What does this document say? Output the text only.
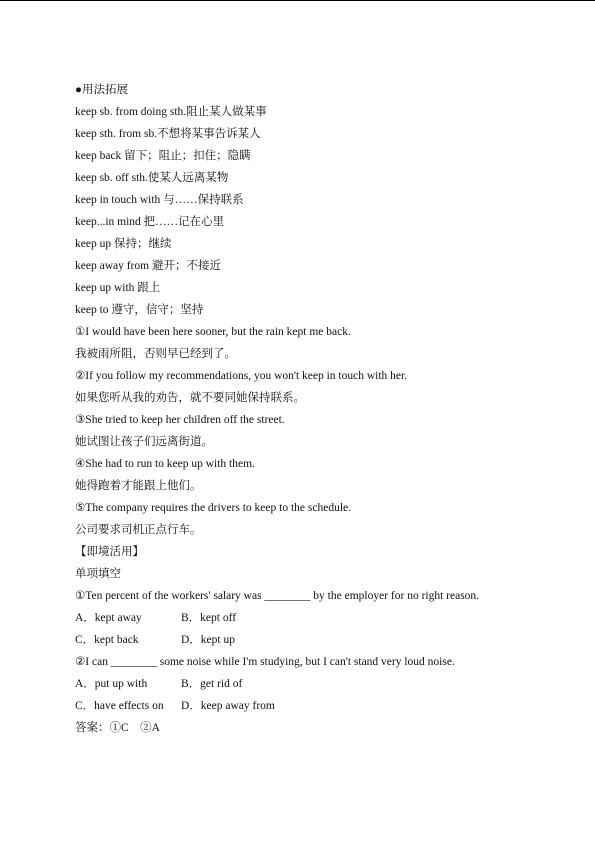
●用法拓展
keep sb. from doing sth.阻止某人做某事
keep sth. from sb.不想将某事告诉某人
keep back 留下；阻止；扣住；隐瞒
keep sb. off sth.使某人远离某物
keep in touch with 与……保持联系
keep...in mind 把……记在心里
keep up 保持；继续
keep away from 避开；不接近
keep up with 跟上
keep to 遵守，信守；坚持
①I would have been here sooner, but the rain kept me back.
我被雨所阻，否则早已经到了。
②If you follow my recommendations, you won't keep in touch with her.
如果您听从我的劝告，就不要同她保持联系。
③She tried to keep her children off the street.
她试图让孩子们远离街道。
④She had to run to keep up with them.
她得跑着才能跟上他们。
⑤The company requires the drivers to keep to the schedule.
公司要求司机正点行车。
【即境活用】
单项填空
①Ten percent of the workers' salary was ________ by the employer for no right reason.
A．kept away	B．kept off
C．kept back	D．kept up
②I can ________ some noise while I'm studying, but I can't stand very loud noise.
A．put up with	B．get rid of
C．have effects on D．keep away from
答案：①C　②A
